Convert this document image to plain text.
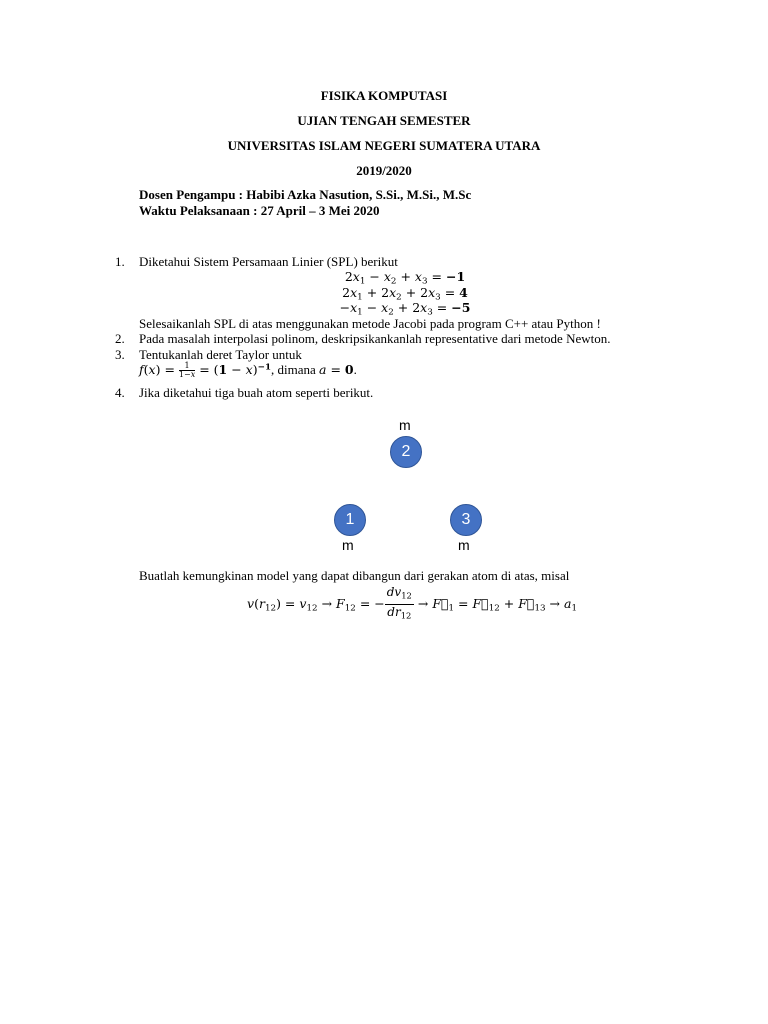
FISIKA KOMPUTASI
UJIAN TENGAH SEMESTER
UNIVERSITAS ISLAM NEGERI SUMATERA UTARA
2019/2020
Dosen Pengampu : Habibi Azka Nasution, S.Si., M.Si., M.Sc
Waktu Pelaksanaan : 27 April – 3 Mei 2020
1. Diketahui Sistem Persamaan Linier (SPL) berikut
$2x_1 - x_2 + x_3 = -1$
$2x_1 + 2x_2 + 2x_3 = 4$
$-x_1 - x_2 + 2x_3 = -5$
Selesaikanlah SPL di atas menggunakan metode Jacobi pada program C++ atau Python !
2. Pada masalah interpolasi polinom, deskripsikankanlah representative dari metode Newton.
3. Tentukanlah deret Taylor untuk
$f(x) = \frac{1}{1-x} = (1 - x)^{-1}$, dimana a = 0.
4. Jika diketahui tiga buah atom seperti berikut.
m
2
1
m
3
m
Buatlah kemungkinan model yang dapat dibangun dari gerakan atom di atas, misal
$v(r_{12}) = v_{12} \to F_{12}$ = − $\frac{dv_{12}}{dr_{12}}$ → $F⃗_1$ = $F⃗_{12}$ + $F⃗_{13} \to a_1$
